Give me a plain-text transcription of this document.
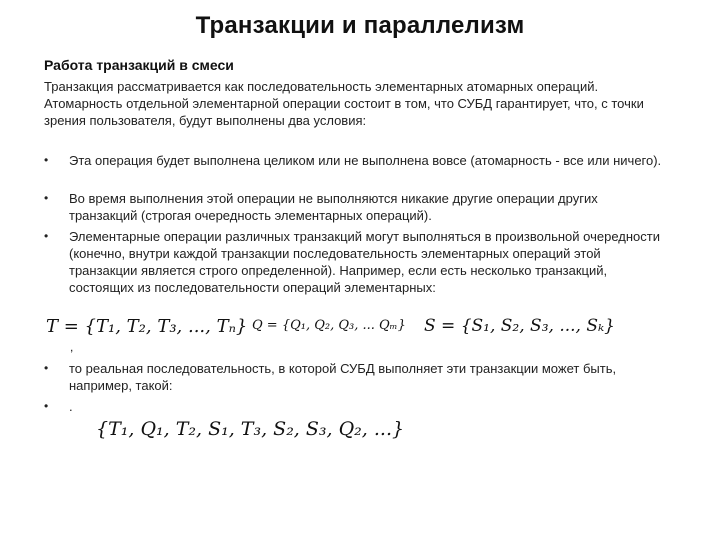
Транзакции и параллелизм
Работа транзакций в смеси
Транзакция рассматривается как последовательность элементарных атомарных операций. Атомарность отдельной элементарной операции состоит в том, что СУБД гарантирует, что, с точки зрения пользователя, будут выполнены два условия:
•	Эта операция будет выполнена целиком или не выполнена вовсе (атомарность - все или ничего).
•	Во время выполнения этой операции не выполняются никакие другие операции других транзакций (строгая очередность элементарных операций).
•	Элементарные операции различных транзакций могут выполняться в произвольной очередности (конечно, внутри каждой транзакции последовательность элементарных операций этой транзакции является строго определенной). Например, если есть несколько транзакций, состоящих из последовательности операций элементарных:
T = {T₁, T₂, T₃, ..., Tₙ} Q = {Q₁, Q₂, Q₃, ... Qₘ} S = {S₁, S₂, S₃, ..., Sₖ}
,
•	то реальная последовательность, в которой СУБД выполняет эти транзакции может быть, например, такой:
•	.
{T₁, Q₁, T₂, S₁, T₃, S₂, S₃, Q₂, ...}
